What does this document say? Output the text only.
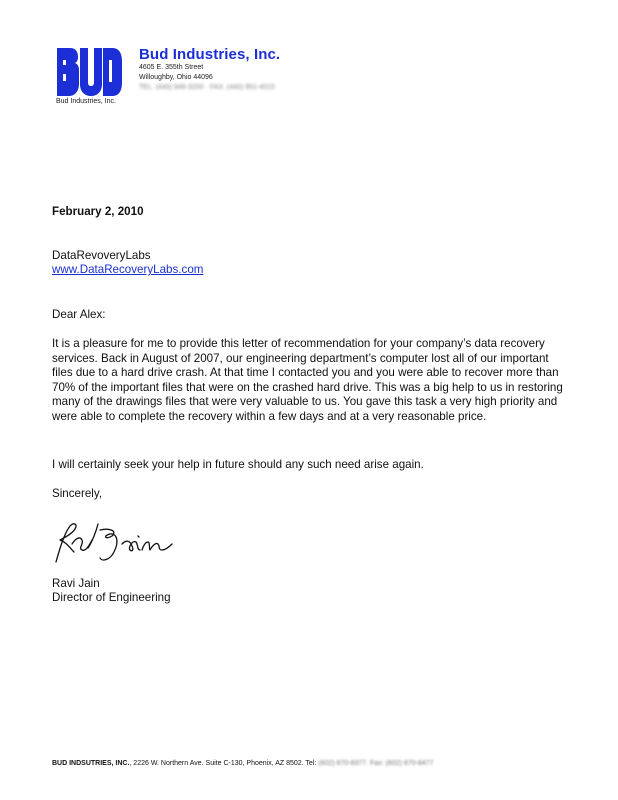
Bud Industries, Inc.
Bud Industries, Inc.
4605 E. 355th Street
Willoughby, Ohio 44096
TEL. (440) 946-3200 · FAX. (440) 951-4015
February 2, 2010
DataRevoveryLabs
www.DataRecoveryLabs.com
Dear Alex:
It is a pleasure for me to provide this letter of recommendation for your company’s data recovery services. Back in August of 2007, our engineering department’s computer lost all of our important files due to a hard drive crash. At that time I contacted you and you were able to recover more than 70% of the important files that were on the crashed hard drive. This was a big help to us in restoring many of the drawings files that were very valuable to us. You gave this task a very high priority and were able to complete the recovery within a few days and at a very reasonable price.
I will certainly seek your help in future should any such need arise again.
Sincerely,
Ravi Jain
Director of Engineering
BUD INDSUTRIES, INC., 2226 W. Northern Ave. Suite C-130, Phoenix, AZ 8502. Tel: (602) 870-8377. Fax: (602) 870-8477
